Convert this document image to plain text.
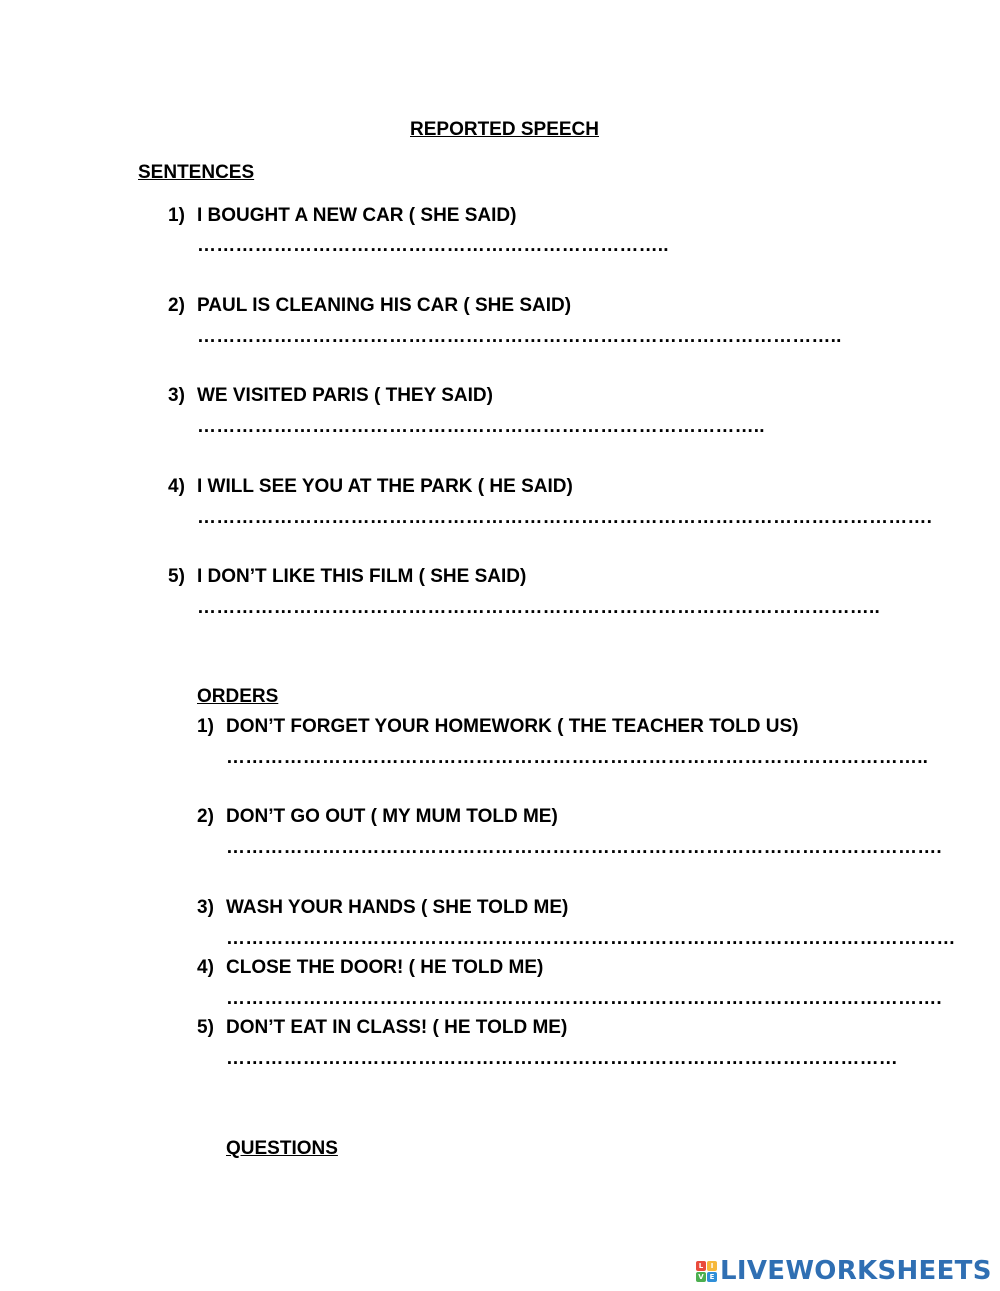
REPORTED SPEECH
SENTENCES
1) I BOUGHT A NEW CAR ( SHE SAID)
………………………………………………………………..
2) PAUL IS CLEANING HIS CAR ( SHE SAID)
………………………………………………………………………………………..
3) WE VISITED PARIS ( THEY SAID)
……………………………………………………………………………..
4) I WILL SEE YOU AT THE PARK ( HE SAID)
…………………………………………………………………………………………………….
5) I DON’T LIKE THIS FILM ( SHE SAID)
……………………………………………………………………………………………..
ORDERS
1) DON’T FORGET YOUR HOMEWORK ( THE TEACHER TOLD US)
………………………………………………………………………………………………..
2) DON’T GO OUT ( MY MUM TOLD ME)
………………………………………………………………………………………………….
3) WASH YOUR HANDS ( SHE TOLD ME)
……………………………………………………………………………………………………
4) CLOSE THE DOOR! ( HE TOLD ME)
………………………………………………………………………………………………….
5) DON’T EAT IN CLASS! ( HE TOLD ME)
……………………………………………………………………………………………
QUESTIONS
L	I
V E LIVEWORKSHEETS
